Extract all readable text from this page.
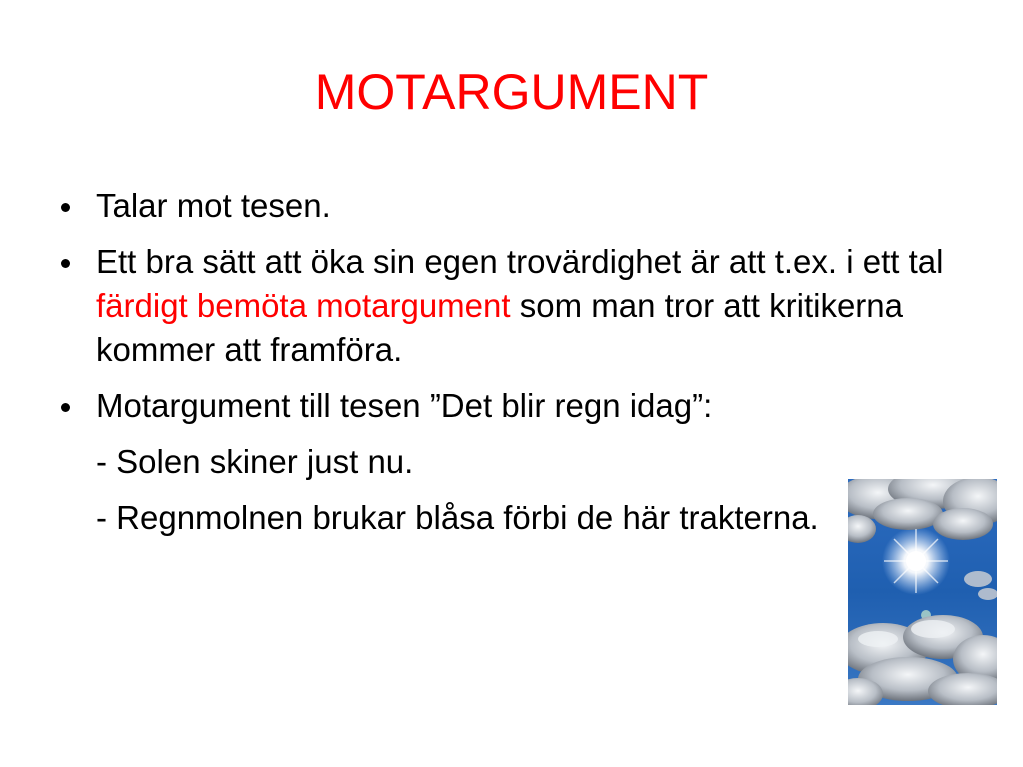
MOTARGUMENT
Talar mot tesen.
Ett bra sätt att öka sin egen trovärdighet är att t.ex. i ett tal färdigt bemöta motargument som man tror att kritikerna kommer att framföra.
Motargument till tesen ”Det blir regn idag”:
- Solen skiner just nu.
- Regnmolnen brukar blåsa förbi de här trakterna.
